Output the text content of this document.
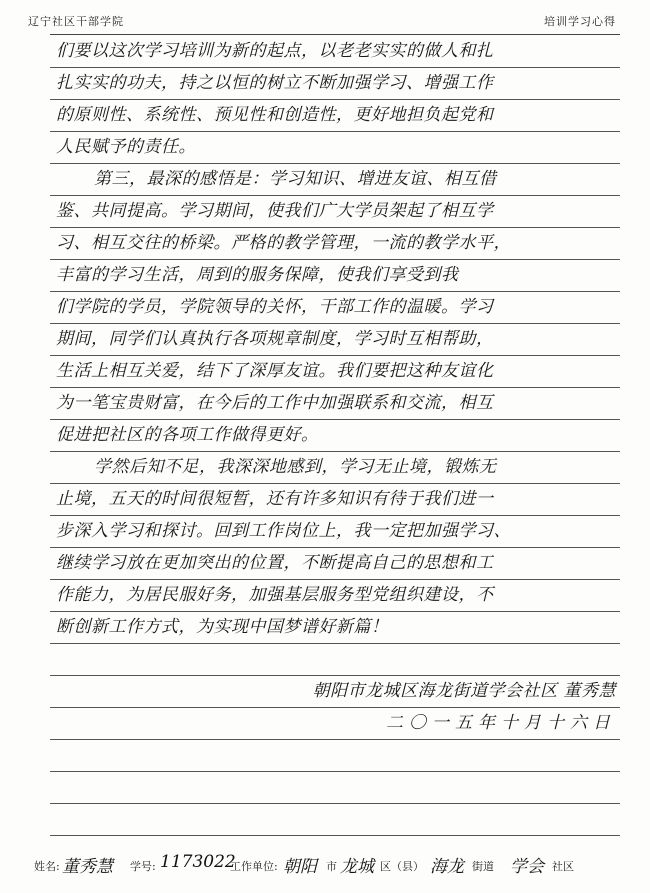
辽宁社区干部学院	培训学习心得
们要以这次学习培训为新的起点，以老老实实的做人和扎
扎实实的功夫，持之以恒的树立不断加强学习、增强工作
的原则性、系统性、预见性和创造性，更好地担负起党和
人民赋予的责任。
第三，最深的感悟是：学习知识、增进友谊、相互借
鉴、共同提高。学习期间，使我们广大学员架起了相互学
习、相互交往的桥梁。严格的教学管理，一流的教学水平，
丰富的学习生活，周到的服务保障，使我们享受到我
们学院的学员，学院领导的关怀，干部工作的温暖。学习
期间，同学们认真执行各项规章制度，学习时互相帮助，
生活上相互关爱，结下了深厚友谊。我们要把这种友谊化
为一笔宝贵财富，在今后的工作中加强联系和交流，相互
促进把社区的各项工作做得更好。
学然后知不足，我深深地感到，学习无止境，锻炼无
止境，五天的时间很短暂，还有许多知识有待于我们进一
步深入学习和探讨。回到工作岗位上，我一定把加强学习、
继续学习放在更加突出的位置，不断提高自己的思想和工
作能力，为居民服好务，加强基层服务型党组织建设，不
断创新工作方式，为实现中国梦谱好新篇！
朝阳市龙城区海龙街道学会社区 董秀慧
二〇一五年十月十六日
姓名: 董秀慧 学号: 1173022
工作单位: 朝阳 市 龙城 区（县） 海龙 街道 学会 社区
